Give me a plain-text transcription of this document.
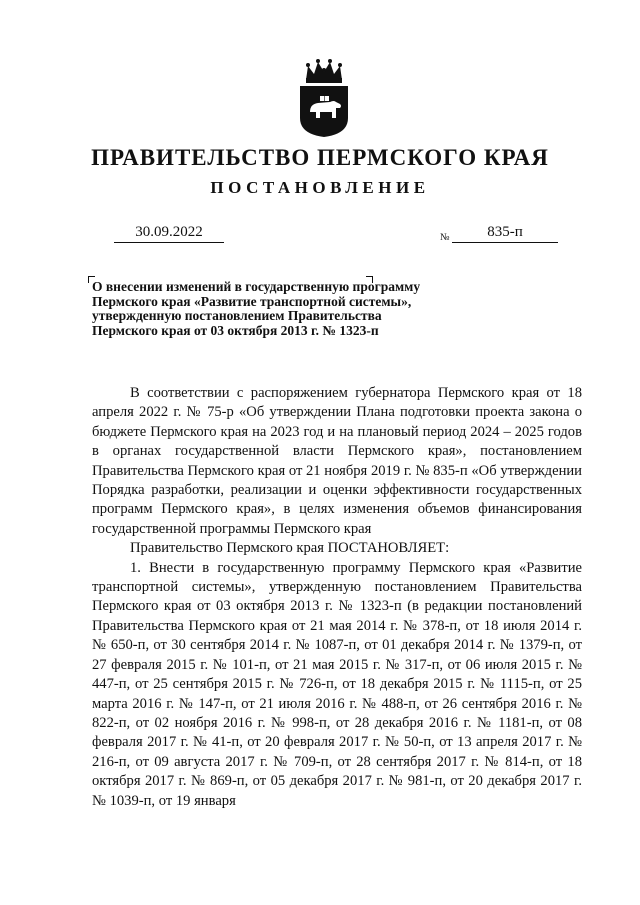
ПРАВИТЕЛЬСТВО ПЕРМСКОГО КРАЯ
ПОСТАНОВЛЕНИЕ
30.09.2022	№	835-п
О внесении изменений в государственную программу Пермского края «Развитие транспортной системы», утвержденную постановлением Правительства Пермского края от 03 октября 2013 г. № 1323-п

В соответствии с распоряжением губернатора Пермского края от 18 апреля 2022 г. № 75-р «Об утверждении Плана подготовки проекта закона о бюджете Пермского края на 2023 год и на плановый период 2024 – 2025 годов в органах государственной власти Пермского края», постановлением Правительства Пермского края от 21 ноября 2019 г. № 835-п «Об утверждении Порядка разработки, реализации и оценки эффективности государственных программ Пермского края», в целях изменения объемов финансирования государственной программы Пермского края

Правительство Пермского края ПОСТАНОВЛЯЕТ:

1. Внести в государственную программу Пермского края «Развитие транспортной системы», утвержденную постановлением Правительства Пермского края от 03 октября 2013 г. № 1323-п (в редакции постановлений Правительства Пермского края от 21 мая 2014 г. № 378-п, от 18 июля 2014 г. № 650-п, от 30 сентября 2014 г. № 1087-п, от 01 декабря 2014 г. № 1379-п, от 27 февраля 2015 г. № 101-п, от 21 мая 2015 г. № 317-п, от 06 июля 2015 г. № 447-п, от 25 сентября 2015 г. № 726-п, от 18 декабря 2015 г. № 1115-п, от 25 марта 2016 г. № 147-п, от 21 июля 2016 г. № 488-п, от 26 сентября 2016 г. № 822-п, от 02 ноября 2016 г. № 998-п, от 28 декабря 2016 г. № 1181-п, от 08 февраля 2017 г. № 41-п, от 20 февраля 2017 г. № 50-п, от 13 апреля 2017 г. № 216-п, от 09 августа 2017 г. № 709-п, от 28 сентября 2017 г. № 814-п, от 18 октября 2017 г. № 869-п, от 05 декабря 2017 г. № 981-п, от 20 декабря 2017 г. № 1039-п, от 19 января
